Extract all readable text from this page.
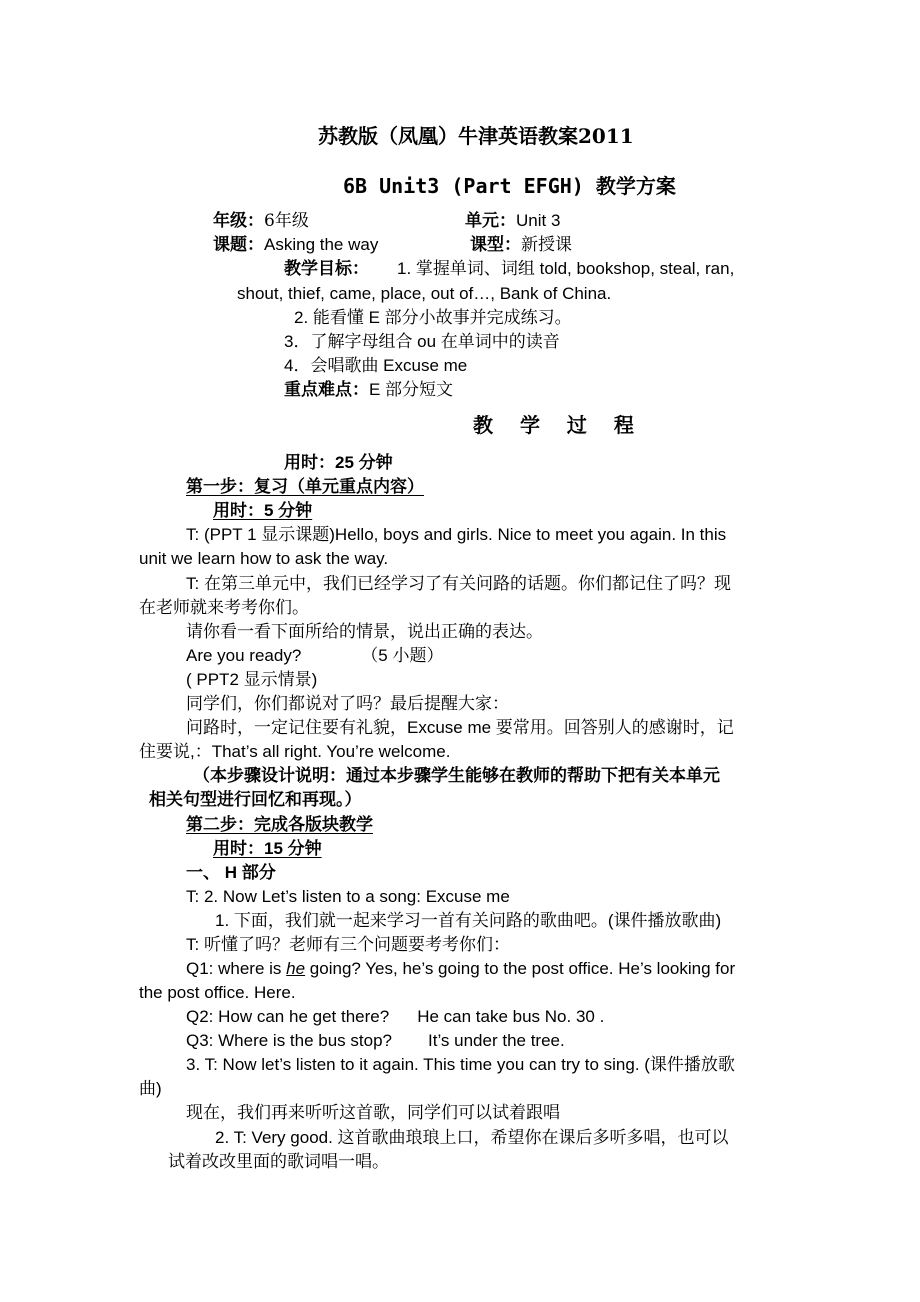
苏教版（凤凰）牛津英语教案2011
6B Unit3 (Part EFGH) 教学方案
年级：6年级	单元：Unit 3
课题：Asking the way	课型：新授课
教学目标： 1. 掌握单词、词组 told, bookshop, steal, ran,
shout, thief, came, place, out of…, Bank of China.
2. 能看懂 E 部分小故事并完成练习。
3．了解字母组合 ou 在单词中的读音
4．会唱歌曲 Excuse me
重点难点：E 部分短文
教 学 过 程
用时：25 分钟
第一步：复习（单元重点内容）
用时：5 分钟
T: (PPT 1 显示课题)Hello, boys and girls. Nice to meet you again. In this
unit we learn how to ask the way.
T: 在第三单元中，我们已经学习了有关问路的话题。你们都记住了吗？现
在老师就来考考你们。
请你看一看下面所给的情景，说出正确的表达。
Are you ready?	（5 小题）
( PPT2 显示情景)
同学们，你们都说对了吗？最后提醒大家：
问路时，一定记住要有礼貌，Excuse me 要常用。回答别人的感谢时，记
住要说,：That’s all right. You’re welcome.
（本步骤设计说明：通过本步骤学生能够在教师的帮助下把有关本单元
相关句型进行回忆和再现。）
第二步：完成各版块教学
用时：15 分钟
一、 H 部分
T: 2. Now Let’s listen to a song: Excuse me
1. 下面，我们就一起来学习一首有关问路的歌曲吧。(课件播放歌曲)
T: 听懂了吗？老师有三个问题要考考你们：
Q1: where is he going? Yes, he’s going to the post office. He’s looking for
the post office. Here.
Q2: How can he get there? He can take bus No. 30 .
Q3: Where is the bus stop? It’s under the tree.
3. T: Now let’s listen to it again. This time you can try to sing. (课件播放歌
曲)
现在，我们再来听听这首歌，同学们可以试着跟唱
2. T: Very good. 这首歌曲琅琅上口，希望你在课后多听多唱，也可以
试着改改里面的歌词唱一唱。
